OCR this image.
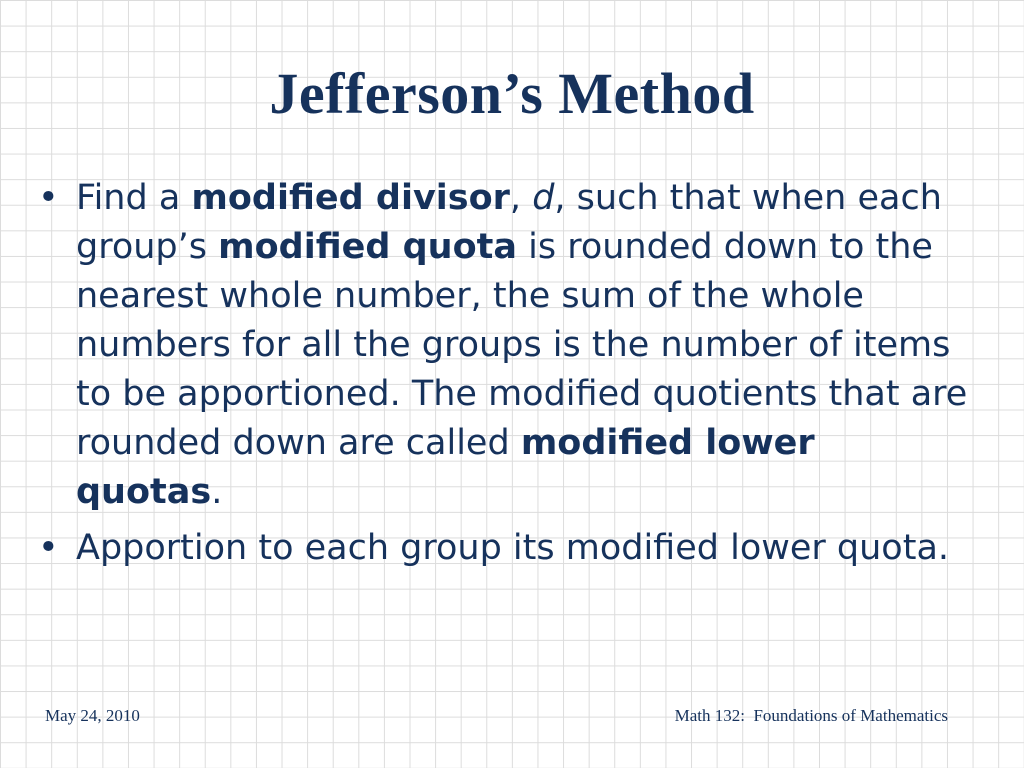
Jefferson’s Method
• Find a modified divisor, d, such that when each group’s modified quota is rounded down to the nearest whole number, the sum of the whole numbers for all the groups is the number of items to be apportioned. The modified quotients that are rounded down are called modified lower quotas.
• Apportion to each group its modified lower quota.
May 24, 2010	Math 132:  Foundations of Mathematics
